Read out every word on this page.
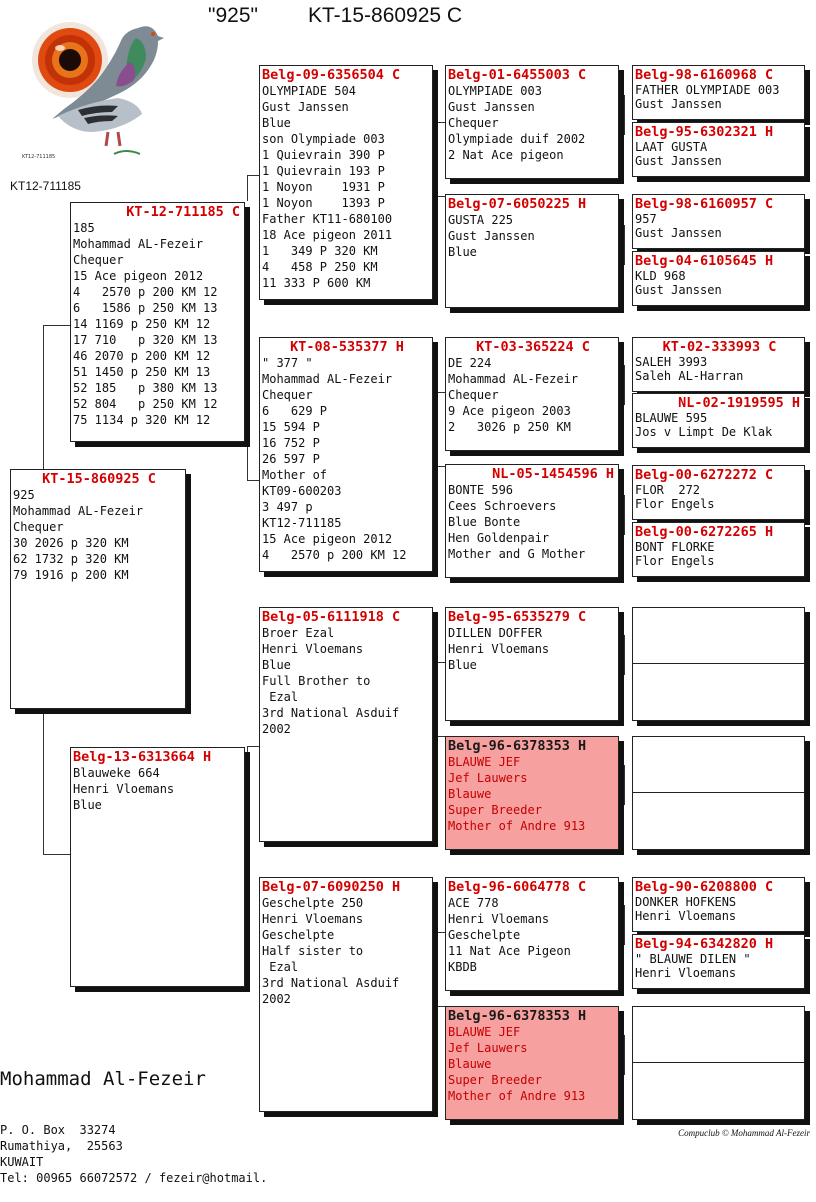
"925" KT-15-860925 C
KT12-711185
KT12-711185
KT-15-860925 C
925
Mohammad AL-Fezeir
Chequer
30 2026 p 320 KM
62 1732 p 320 KM
79 1916 p 200 KM
KT-12-711185 C
185
Mohammad AL-Fezeir
Chequer
15 Ace pigeon 2012
4   2570 p 200 KM 12
6   1586 p 250 KM 13
14 1169 p 250 KM 12
17 710   p 320 KM 13
46 2070 p 200 KM 12
51 1450 p 250 KM 13
52 185   p 380 KM 13
52 804   p 250 KM 12
75 1134 p 320 KM 12
Belg-13-6313664 H
Blauweke 664
Henri Vloemans
Blue
Belg-09-6356504 C
OLYMPIADE 504
Gust Janssen
Blue
son Olympiade 003
1 Quievrain 390 P
1 Quievrain 193 P
1 Noyon    1931 P
1 Noyon    1393 P
Father KT11-680100
18 Ace pigeon 2011
1   349 P 320 KM
4   458 P 250 KM
11 333 P 600 KM
KT-08-535377 H
" 377 "
Mohammad AL-Fezeir
Chequer
6   629 P
15 594 P
16 752 P
26 597 P
Mother of
KT09-600203
3 497 p
KT12-711185
15 Ace pigeon 2012
4   2570 p 200 KM 12
Belg-05-6111918 C
Broer Ezal
Henri Vloemans
Blue
Full Brother to
Ezal
3rd National Asduif
2002
Belg-07-6090250 H
Geschelpte 250
Henri Vloemans
Geschelpte
Half sister to
Ezal
3rd National Asduif
2002
Belg-01-6455003 C
OLYMPIADE 003
Gust Janssen
Chequer
Olympiade duif 2002
2 Nat Ace pigeon
Belg-07-6050225 H
GUSTA 225
Gust Janssen
Blue
KT-03-365224 C
DE 224
Mohammad AL-Fezeir
Chequer
9 Ace pigeon 2003
2   3026 p 250 KM
NL-05-1454596 H
BONTE 596
Cees Schroevers
Blue Bonte
Hen Goldenpair
Mother and G Mother
Belg-95-6535279 C
DILLEN DOFFER
Henri Vloemans
Blue
Belg-96-6378353 H
BLAUWE JEF
Jef Lauwers
Blauwe
Super Breeder
Mother of Andre 913
Belg-96-6064778 C
ACE 778
Henri Vloemans
Geschelpte
11 Nat Ace Pigeon
KBDB
Belg-96-6378353 H
BLAUWE JEF
Jef Lauwers
Blauwe
Super Breeder
Mother of Andre 913
Belg-98-6160968 C
FATHER OLYMPIADE 003
Gust Janssen
Belg-95-6302321 H
LAAT GUSTA
Gust Janssen
Belg-98-6160957 C
957
Gust Janssen
Belg-04-6105645 H
KLD 968
Gust Janssen
KT-02-333993 C
SALEH 3993
Saleh AL-Harran
NL-02-1919595 H
BLAUWE 595
Jos v Limpt De Klak
Belg-00-6272272 C
FLOR  272
Flor Engels
Belg-00-6272265 H
BONT FLORKE
Flor Engels
Belg-90-6208800 C
DONKER HOFKENS
Henri Vloemans
Belg-94-6342820 H
" BLAUWE DILEN "
Henri Vloemans

Mohammad Al-Fezeir

P. O. Box  33274
Rumathiya,  25563
KUWAIT
Tel: 00965 66072572 / fezeir@hotmail.

Compuclub © Mohammad Al-Fezeir
